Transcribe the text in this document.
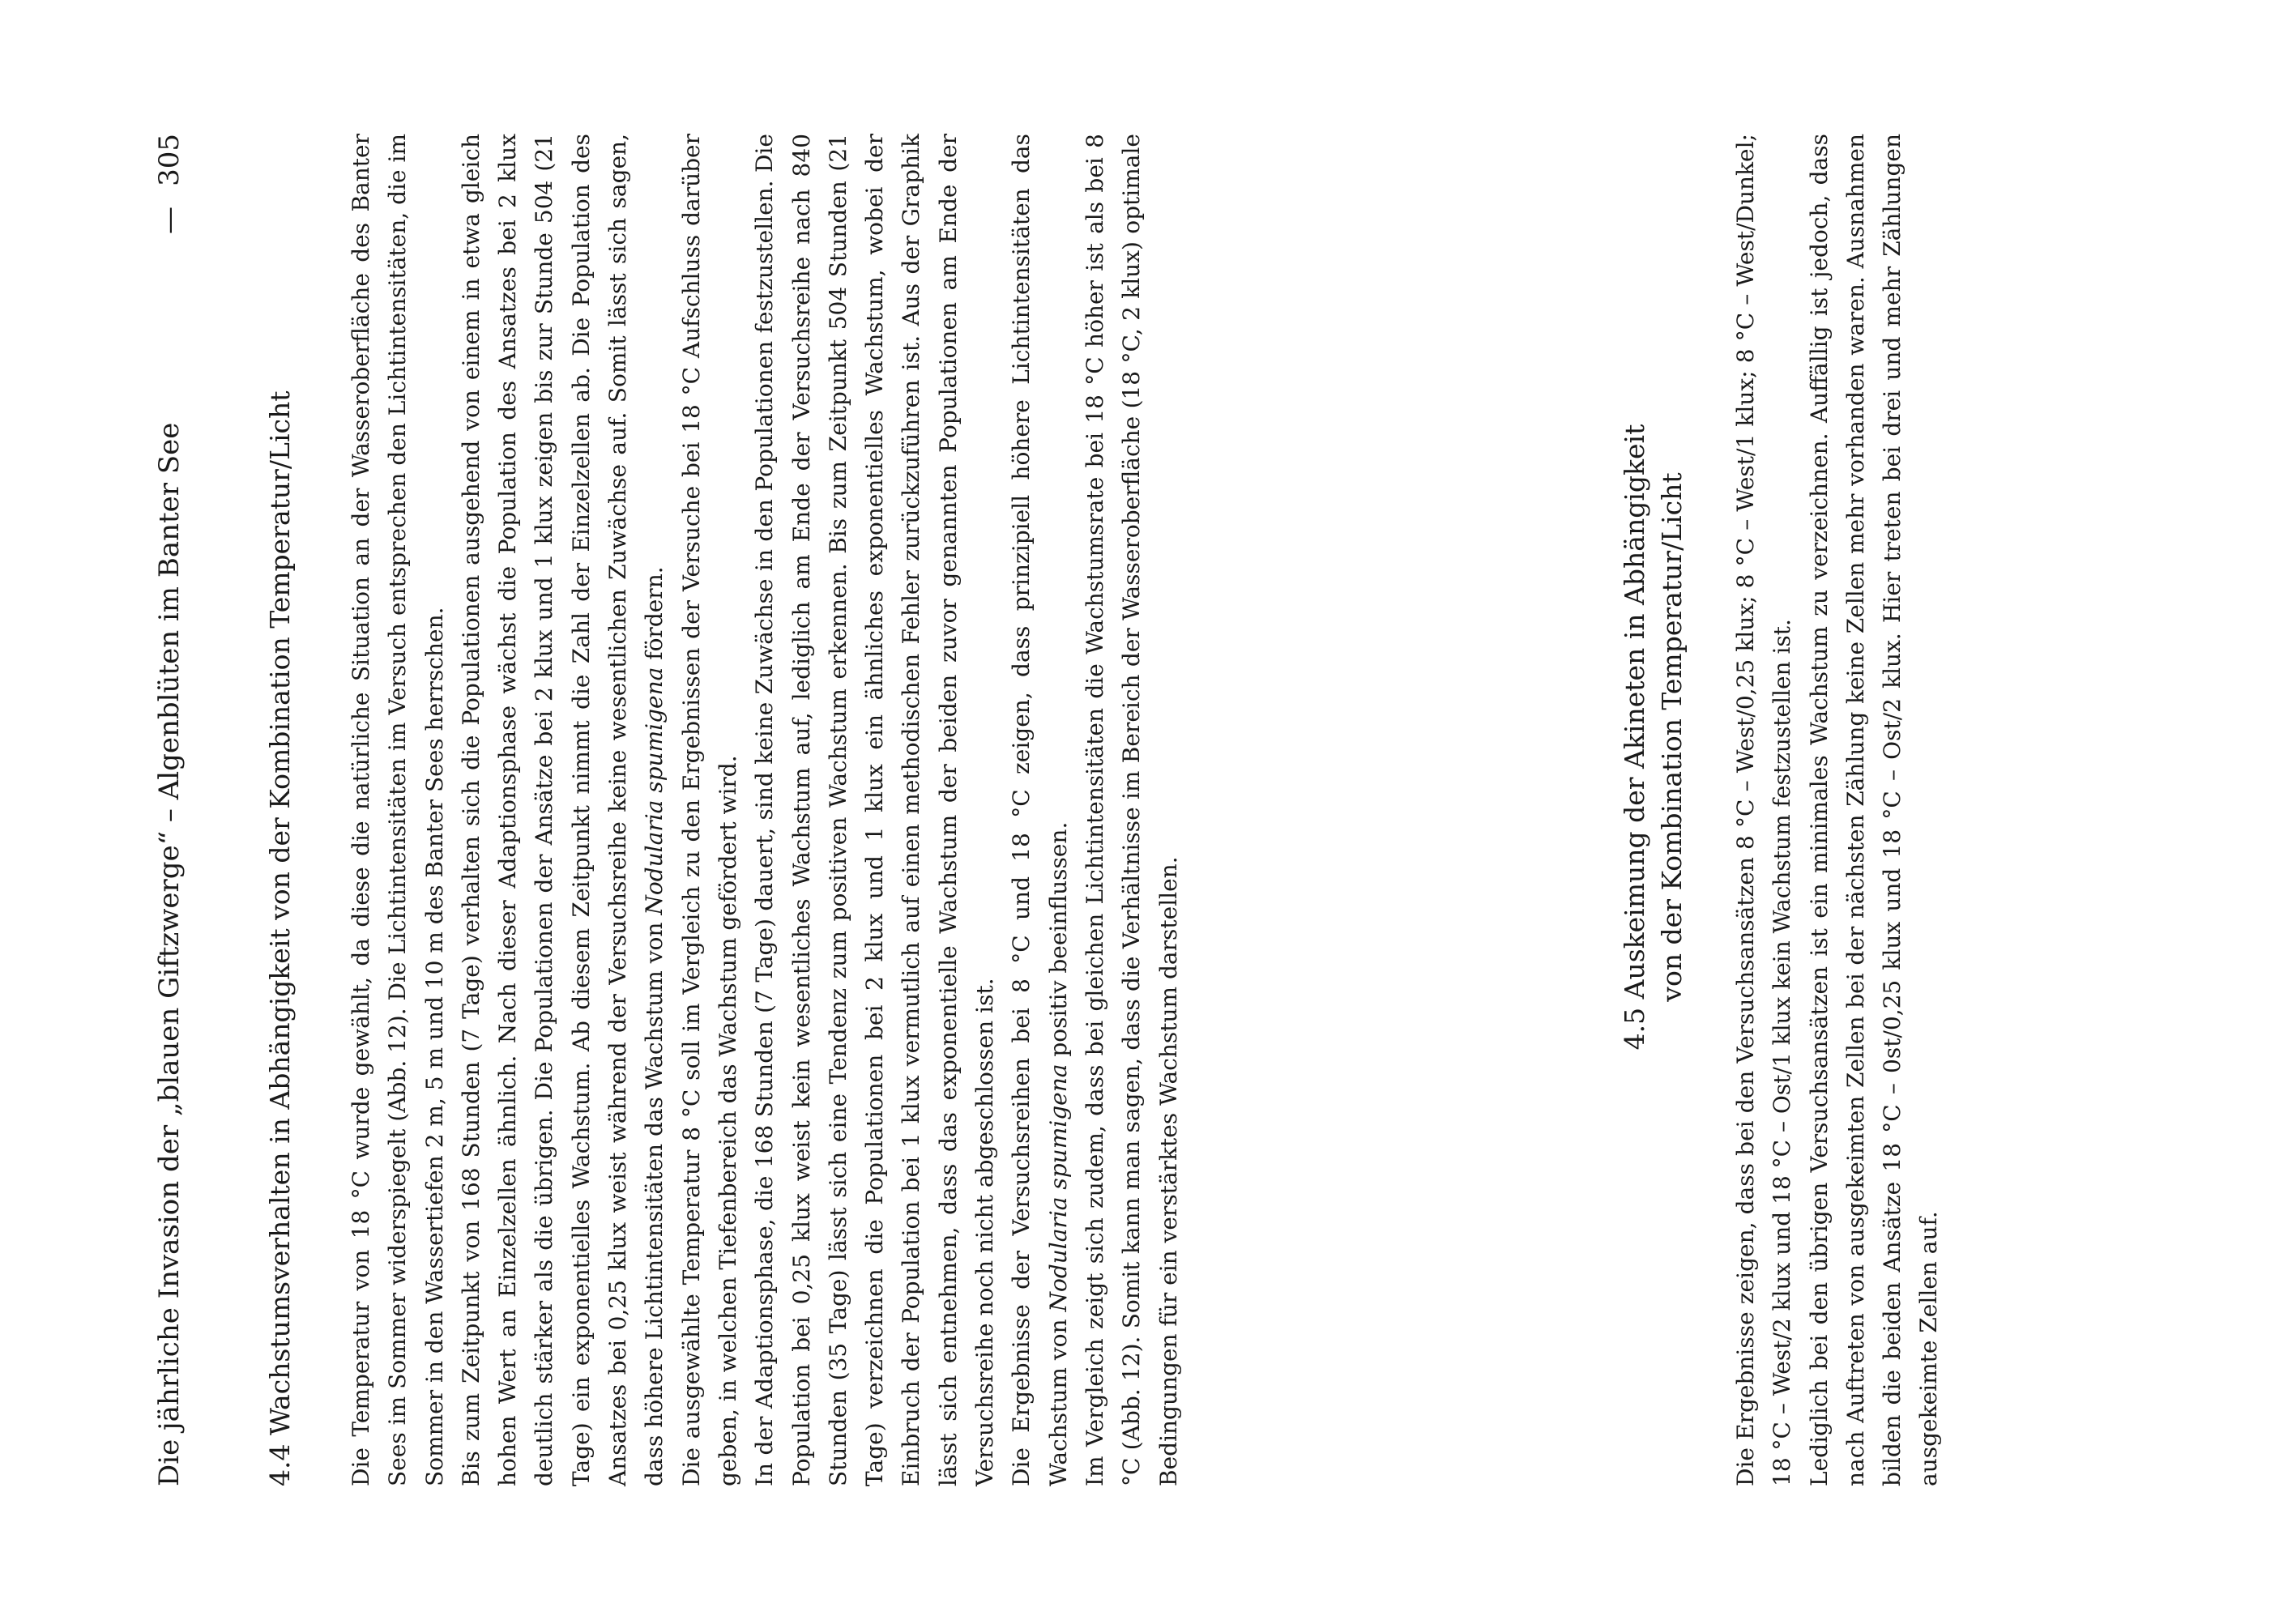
Die jährliche Invasion der „blauen Giftzwerge“ – Algenblüten im Banter See
—
305
4.4 Wachstumsverhalten in Abhängigkeit von der Kombination Temperatur/Licht Die Temperatur von 18 °C wurde gewählt, da diese die natürliche Situation an der Wasseroberfläche des Banter Sees im Sommer widerspiegelt (Abb. 12). Die Lichtintensitäten im Versuch entsprechen den Lichtintensitäten, die im Sommer in den Wassertiefen 2 m, 5 m und 10 m des Banter Sees herrschen. Bis zum Zeitpunkt von 168 Stunden (7 Tage) verhalten sich die Populationen ausgehend von einem in etwa gleich hohen Wert an Einzelzellen ähnlich. Nach dieser Adaptionsphase wächst die Population des Ansatzes bei 2 klux deutlich stärker als die übrigen. Die Populationen der Ansätze bei 2 klux und 1 klux zeigen bis zur Stunde 504 (21 Tage) ein exponentielles Wachstum. Ab diesem Zeitpunkt nimmt die Zahl der Einzelzellen ab. Die Population des Ansatzes bei 0,25 klux weist während der Versuchsreihe keine wesentlichen Zuwächse auf. Somit lässt sich sagen, dass höhere Lichtintensitäten das Wachstum von Nodularia spumigena fördern. Die ausgewählte Temperatur 8 °C soll im Vergleich zu den Ergebnissen der Versuche bei 18 °C Aufschluss darüber geben, in welchen Tiefenbereich das Wachstum gefördert wird. In der Adaptionsphase, die 168 Stunden (7 Tage) dauert, sind keine Zuwächse in den Populationen festzustellen. Die Population bei 0,25 klux weist kein wesentliches Wachstum auf, lediglich am Ende der Versuchsreihe nach 840 Stunden (35 Tage) lässt sich eine Tendenz zum positiven Wachstum erkennen. Bis zum Zeitpunkt 504 Stunden (21 Tage) verzeichnen die Populationen bei 2 klux und 1 klux ein ähnliches exponentielles Wachstum, wobei der Einbruch der Population bei 1 klux vermutlich auf einen methodischen Fehler zurückzuführen ist. Aus der Graphik lässt sich entnehmen, dass das exponentielle Wachstum der beiden zuvor genannten Populationen am Ende der Versuchsreihe noch nicht abgeschlossen ist. Die Ergebnisse der Versuchsreihen bei 8 °C und 18 °C zeigen, dass prinzipiell höhere Lichtintensitäten das Wachstum von Nodularia spumigena positiv beeinflussen. Im Vergleich zeigt sich zudem, dass bei gleichen Lichtintensitäten die Wachstumsrate bei 18 °C höher ist als bei 8 °C (Abb. 12). Somit kann man sagen, dass die Verhältnisse im Bereich der Wasseroberfläche (18 °C, 2 klux) optimale Bedingungen für ein verstärktes Wachstum darstellen.

4.5 Auskeimung der Akineten in Abhängigkeit von der Kombination Temperatur/Licht Die Ergebnisse zeigen, dass bei den Versuchsansätzen 8 °C – West/0,25 klux; 8 °C – West/1 klux; 8 °C – West/Dunkel; 18 °C – West/2 klux und 18 °C – Ost/1 klux kein Wachstum festzustellen ist. Lediglich bei den übrigen Versuchsansätzen ist ein minimales Wachstum zu verzeichnen. Auffällig ist jedoch, dass nach Auftreten von ausgekeimten Zellen bei der nächsten Zählung keine Zellen mehr vorhanden waren. Ausnahmen bilden die beiden Ansätze 18 °C – 0st/0,25 klux und 18 °C – Ost/2 klux. Hier treten bei drei und mehr Zählungen ausgekeimte Zellen auf.
